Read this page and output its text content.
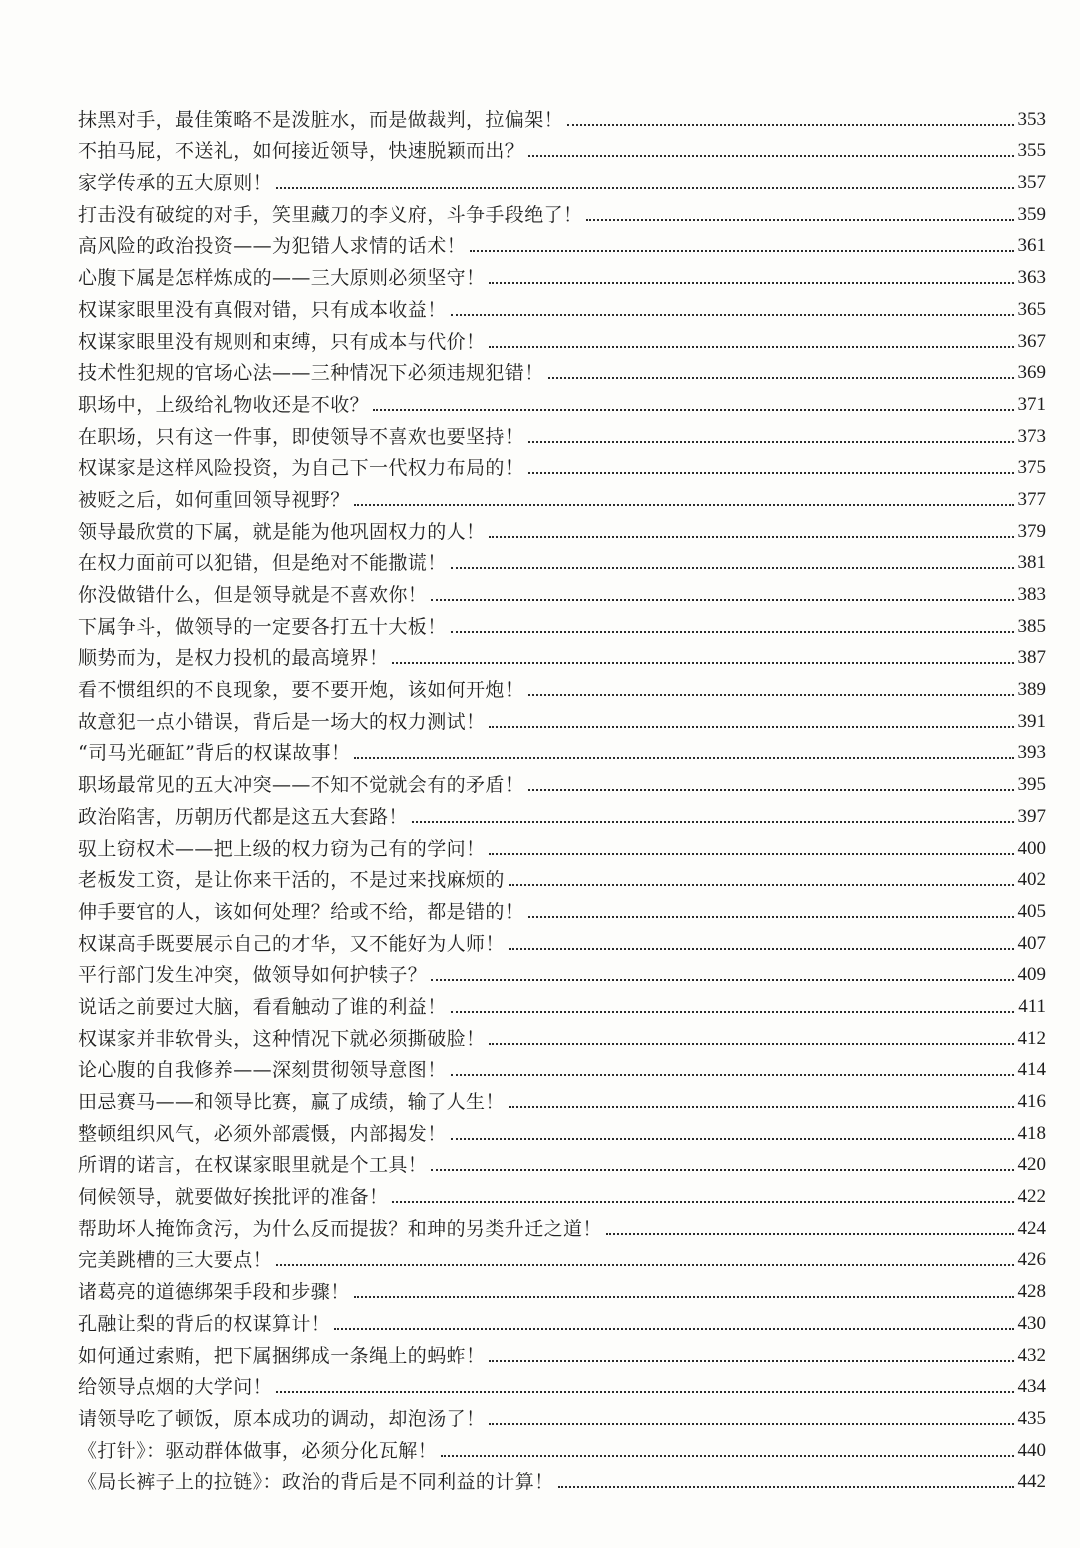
抹黑对手，最佳策略不是泼脏水，而是做裁判，拉偏架！	353
不拍马屁，不送礼，如何接近领导，快速脱颖而出？	355
家学传承的五大原则！	357
打击没有破绽的对手，笑里藏刀的李义府，斗争手段绝了！	359
高风险的政治投资——为犯错人求情的话术！	361
心腹下属是怎样炼成的——三大原则必须坚守！	363
权谋家眼里没有真假对错，只有成本收益！	365
权谋家眼里没有规则和束缚，只有成本与代价！	367
技术性犯规的官场心法——三种情况下必须违规犯错！	369
职场中，上级给礼物收还是不收？	371
在职场，只有这一件事，即使领导不喜欢也要坚持！	373
权谋家是这样风险投资，为自己下一代权力布局的！	375
被贬之后，如何重回领导视野？	377
领导最欣赏的下属，就是能为他巩固权力的人！	379
在权力面前可以犯错，但是绝对不能撒谎！	381
你没做错什么，但是领导就是不喜欢你！	383
下属争斗，做领导的一定要各打五十大板！	385
顺势而为，是权力投机的最高境界！	387
看不惯组织的不良现象，要不要开炮，该如何开炮！	389
故意犯一点小错误，背后是一场大的权力测试！	391
“司马光砸缸”背后的权谋故事！	393
职场最常见的五大冲突——不知不觉就会有的矛盾！	395
政治陷害，历朝历代都是这五大套路！	397
驭上窃权术——把上级的权力窃为己有的学问！	400
老板发工资，是让你来干活的，不是过来找麻烦的	402
伸手要官的人，该如何处理？给或不给，都是错的！	405
权谋高手既要展示自己的才华，又不能好为人师！	407
平行部门发生冲突，做领导如何护犊子？	409
说话之前要过大脑，看看触动了谁的利益！	411
权谋家并非软骨头，这种情况下就必须撕破脸！	412
论心腹的自我修养——深刻贯彻领导意图！	414
田忌赛马——和领导比赛，赢了成绩，输了人生！	416
整顿组织风气，必须外部震慑，内部揭发！	418
所谓的诺言，在权谋家眼里就是个工具！	420
伺候领导，就要做好挨批评的准备！	422
帮助坏人掩饰贪污，为什么反而提拔？和珅的另类升迁之道！	424
完美跳槽的三大要点！	426
诸葛亮的道德绑架手段和步骤！	428
孔融让梨的背后的权谋算计！	430
如何通过索贿，把下属捆绑成一条绳上的蚂蚱！	432
给领导点烟的大学问！	434
请领导吃了顿饭，原本成功的调动，却泡汤了！	435
《打针》：驱动群体做事，必须分化瓦解！	440
《局长裤子上的拉链》：政治的背后是不同利益的计算！	442
